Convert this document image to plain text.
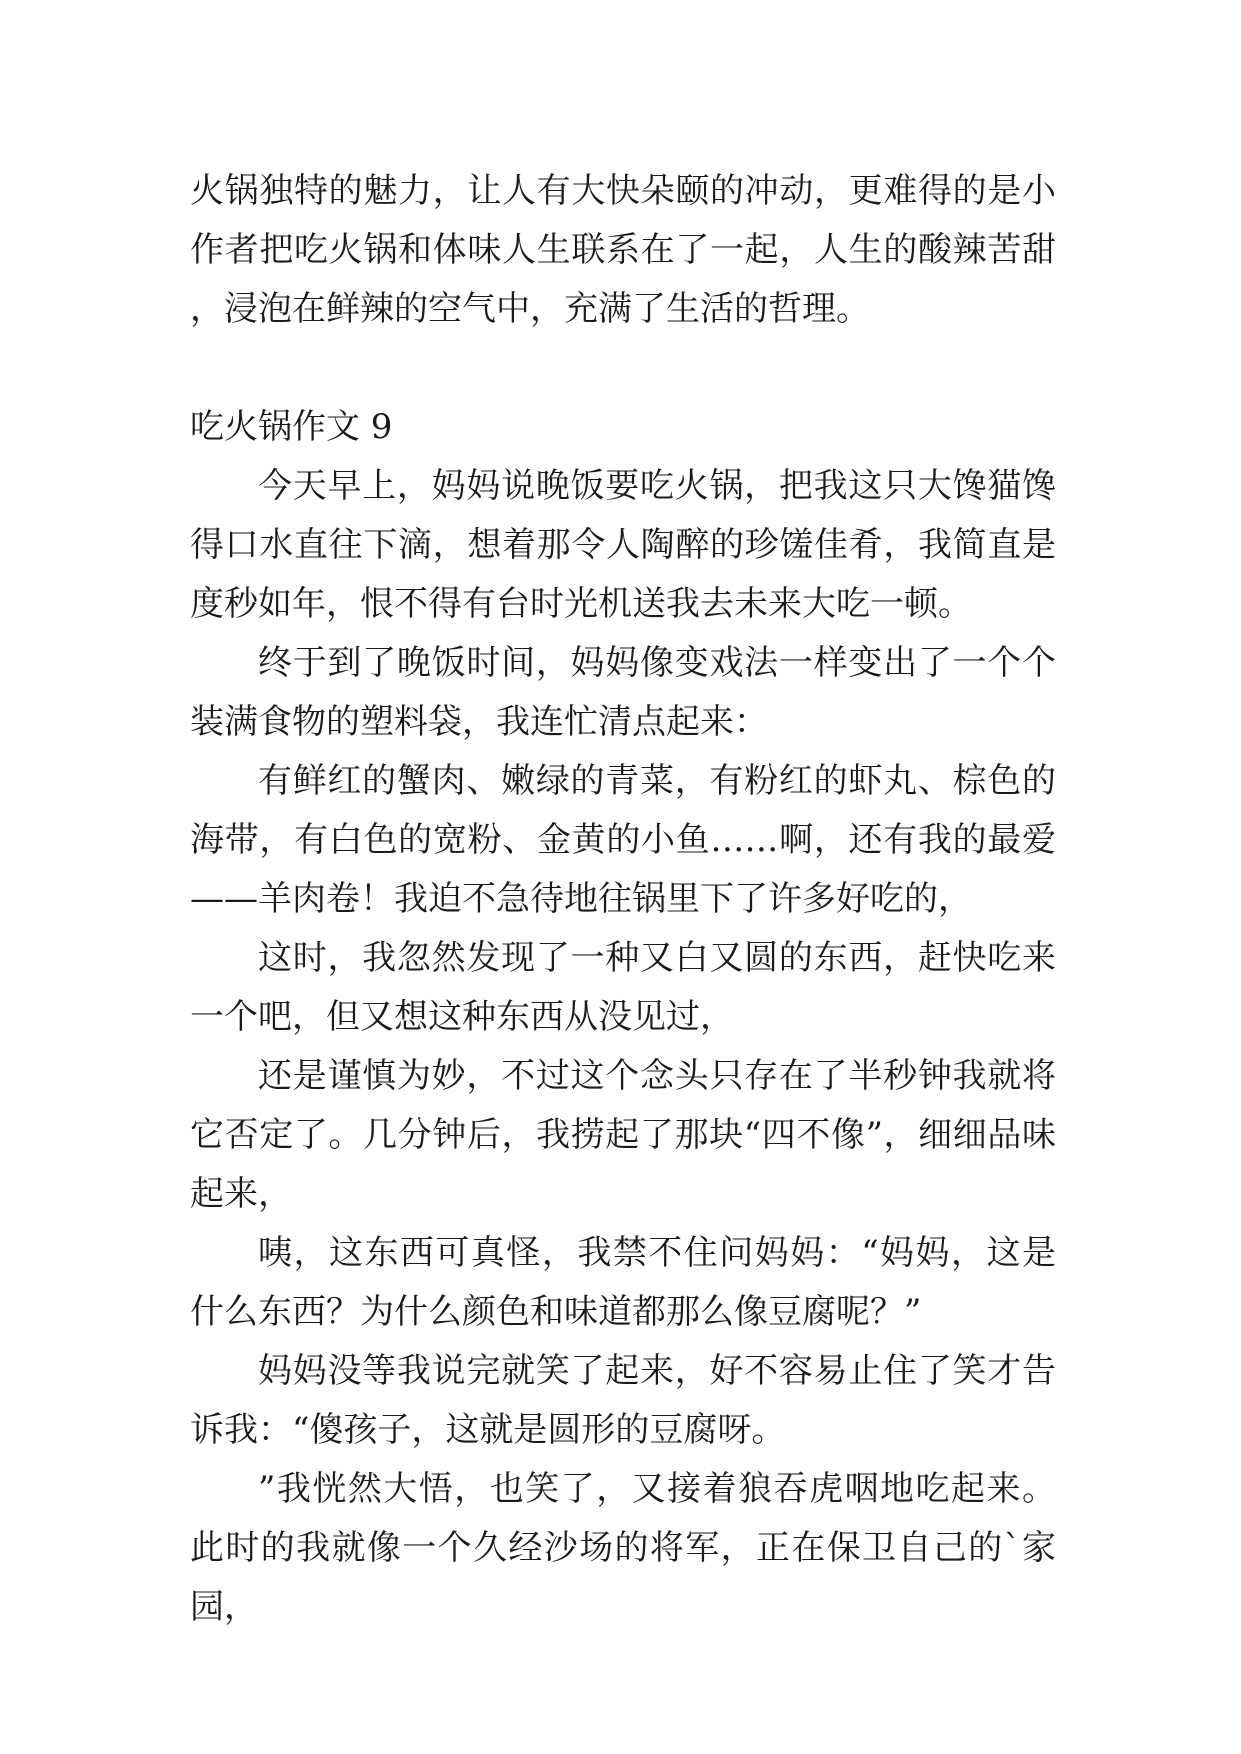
火锅独特的魅力，让人有大快朵颐的冲动，更难得的是小作者把吃火锅和体味人生联系在了一起，人生的酸辣苦甜，浸泡在鲜辣的空气中，充满了生活的哲理。

吃火锅作文 9

今天早上，妈妈说晚饭要吃火锅，把我这只大馋猫馋得口水直往下滴，想着那令人陶醉的珍馐佳肴，我简直是度秒如年，恨不得有台时光机送我去未来大吃一顿。

终于到了晚饭时间，妈妈像变戏法一样变出了一个个装满食物的塑料袋，我连忙清点起来：

有鲜红的蟹肉、嫩绿的青菜，有粉红的虾丸、棕色的海带，有白色的宽粉、金黄的小鱼……啊，还有我的最爱——羊肉卷！我迫不急待地往锅里下了许多好吃的，

这时，我忽然发现了一种又白又圆的东西，赶快吃来一个吧，但又想这种东西从没见过，

还是谨慎为妙，不过这个念头只存在了半秒钟我就将它否定了。几分钟后，我捞起了那块“四不像”，细细品味起来，

咦，这东西可真怪，我禁不住问妈妈：“妈妈，这是什么东西？为什么颜色和味道都那么像豆腐呢？”

妈妈没等我说完就笑了起来，好不容易止住了笑才告诉我：“傻孩子，这就是圆形的豆腐呀。

”我恍然大悟，也笑了，又接着狼吞虎咽地吃起来。此时的我就像一个久经沙场的将军，正在保卫自己的`家园，
